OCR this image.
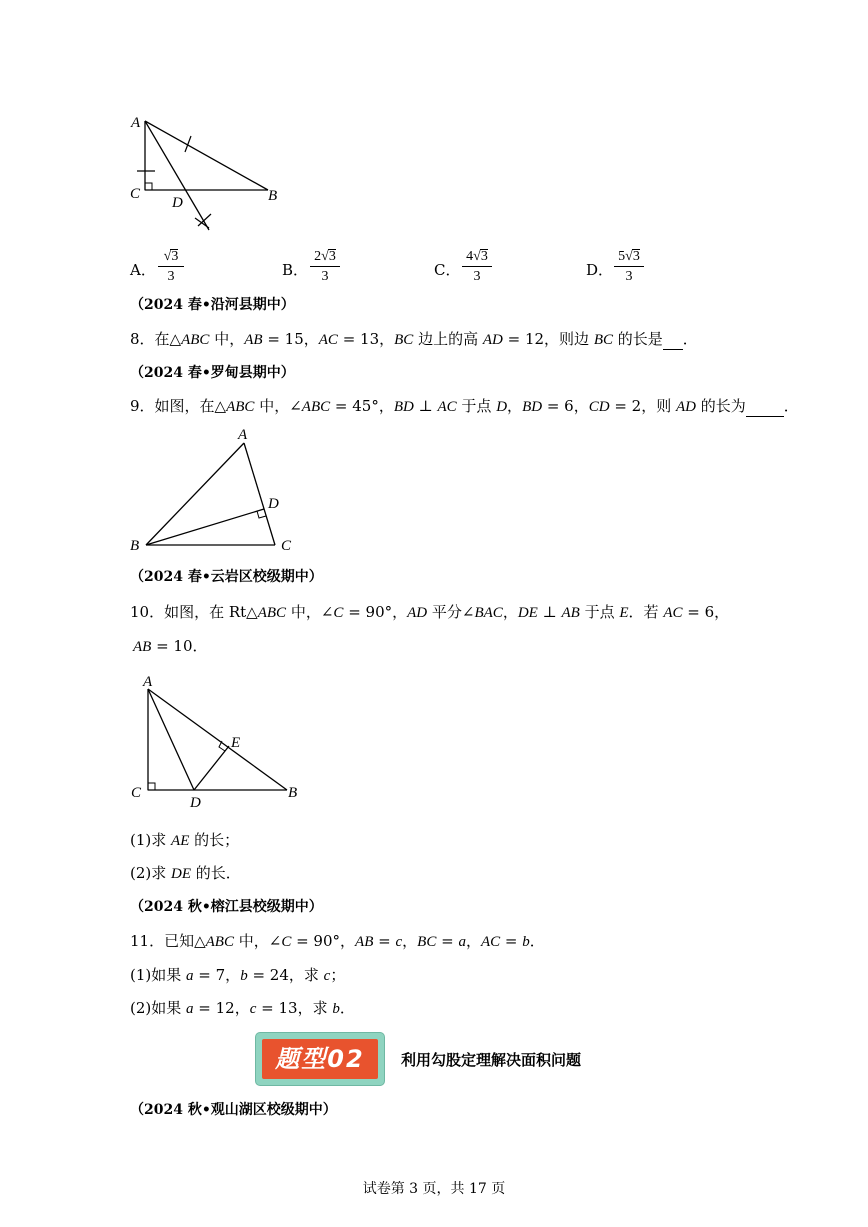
A
C
D	B
A． $\frac{√3}{3}$	B． $\frac{2√3}{3}$	C． $\frac{4√3}{3}$	D． $\frac{5√3}{3}$
（2024 春•沿河县期中）
8．在△ABC 中，AB = 15，AC = 13，BC 边上的高 AD = 12，则边 BC 的长是 ．
（2024 春•罗甸县期中）
9．如图，在△ABC 中，∠ABC = 45°，BD ⊥ AC 于点 D，BD = 6，CD = 2，则 AD 的长为	．
A
D
B	C
（2024 春•云岩区校级期中）
10．如图，在 Rt△ABC 中，∠C = 90°，AD 平分∠BAC，DE ⊥ AB 于点 E．若 AC = 6，
AB = 10．
A
E
C
D
B
(1)求 AE 的长；
(2)求 DE 的长．
（2024 秋•榕江县校级期中）
11．已知△ABC 中，∠C = 90°，AB = c，BC = a，AC = b．
(1)如果 a = 7，b = 24，求 c；
(2)如果 a = 12，c = 13，求 b．
题型02	利用勾股定理解决面积问题
（2024 秋•观山湖区校级期中）
试卷第 3 页，共 17 页
